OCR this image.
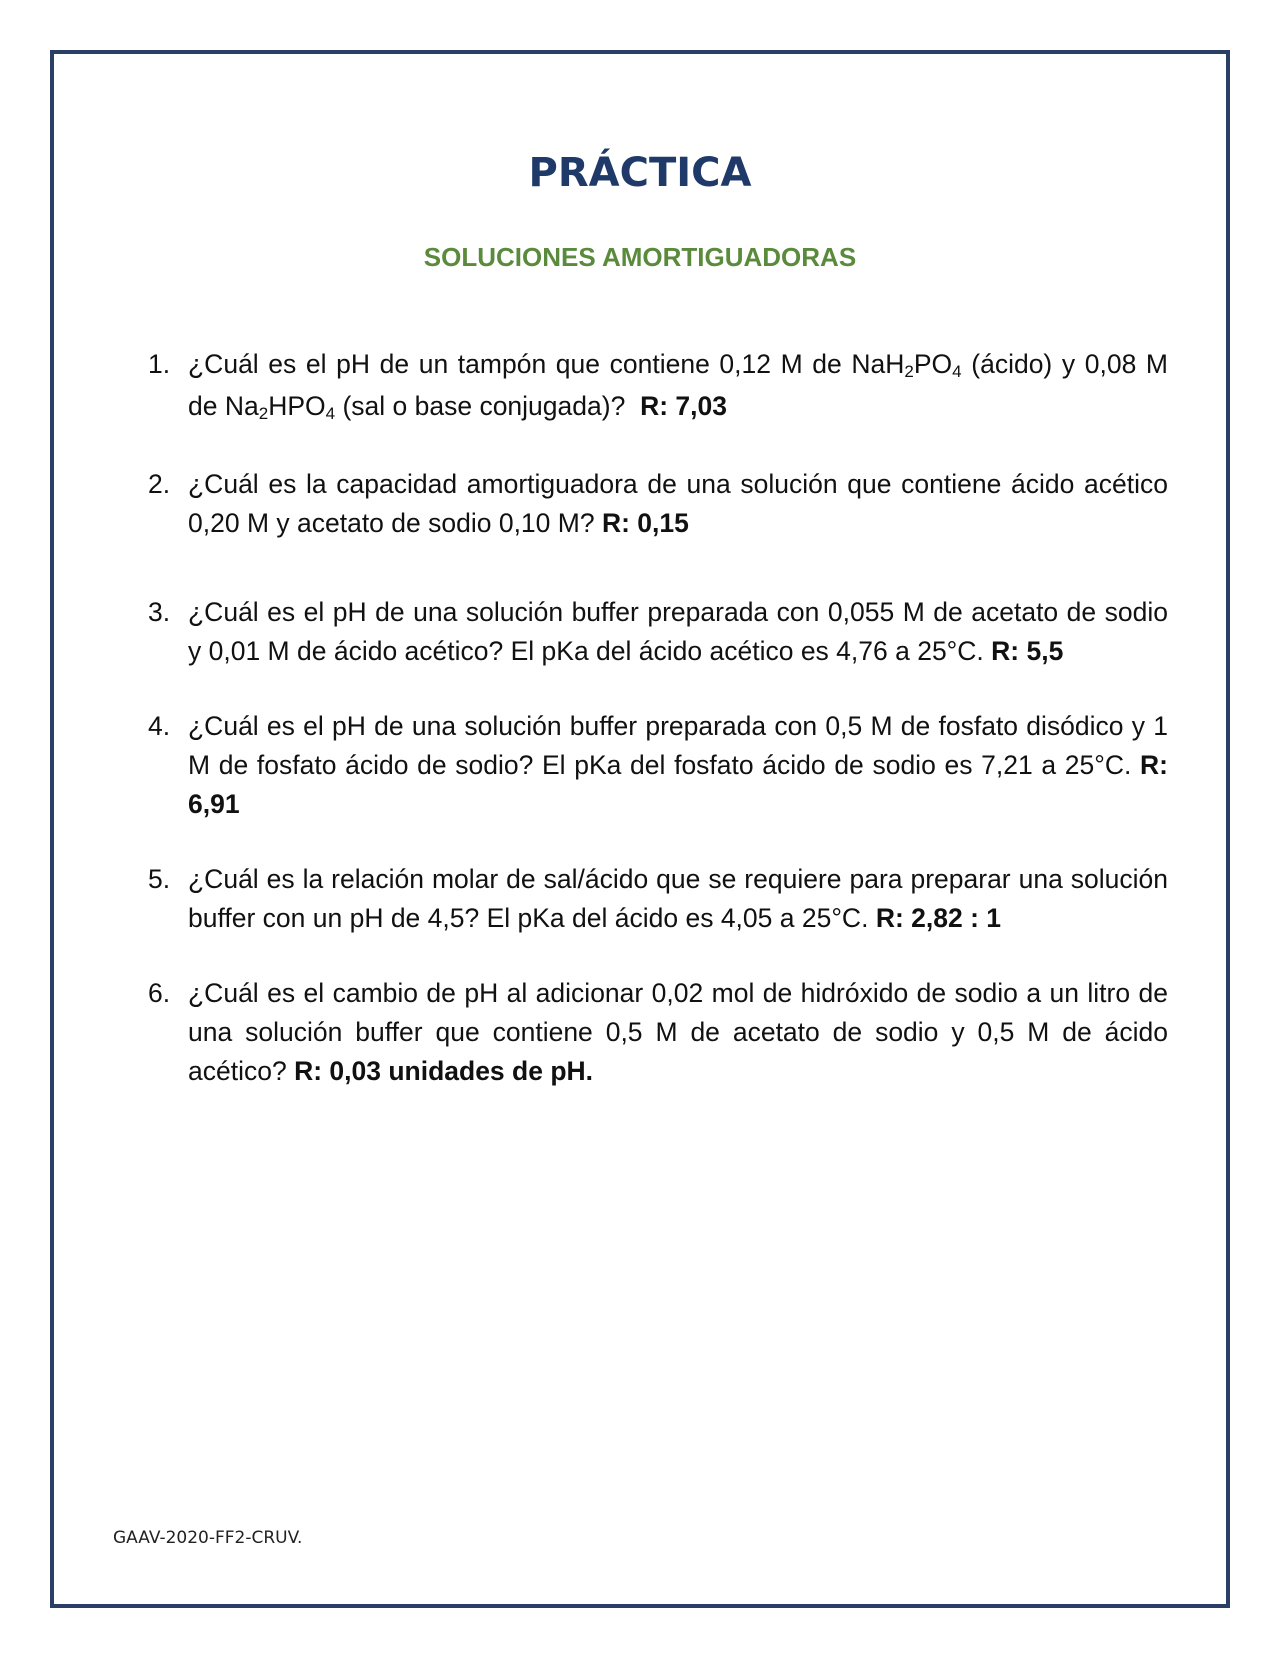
PRÁCTICA
SOLUCIONES AMORTIGUADORAS
1. ¿Cuál es el pH de un tampón que contiene 0,12 M de $NaH_2PO_4$ (ácido) y 0,08 M de $Na_2HPO_4$ (sal o base conjugada)? R: 7,03
2. ¿Cuál es la capacidad amortiguadora de una solución que contiene ácido acético 0,20 M y acetato de sodio 0,10 M? R: 0,15
3. ¿Cuál es el pH de una solución buffer preparada con 0,055 M de acetato de sodio y 0,01 M de ácido acético? El pKa del ácido acético es 4,76 a 25°C. R: 5,5
4. ¿Cuál es el pH de una solución buffer preparada con 0,5 M de fosfato disódico y 1 M de fosfato ácido de sodio? El pKa del fosfato ácido de sodio es 7,21 a 25°C. R: 6,91
5. ¿Cuál es la relación molar de sal/ácido que se requiere para preparar una solución buffer con un pH de 4,5? El pKa del ácido es 4,05 a 25°C. R: 2,82 : 1
6. ¿Cuál es el cambio de pH al adicionar 0,02 mol de hidróxido de sodio a un litro de una solución buffer que contiene 0,5 M de acetato de sodio y 0,5 M de ácido acético? R: 0,03 unidades de pH.
GAAV-2020-FF2-CRUV.
